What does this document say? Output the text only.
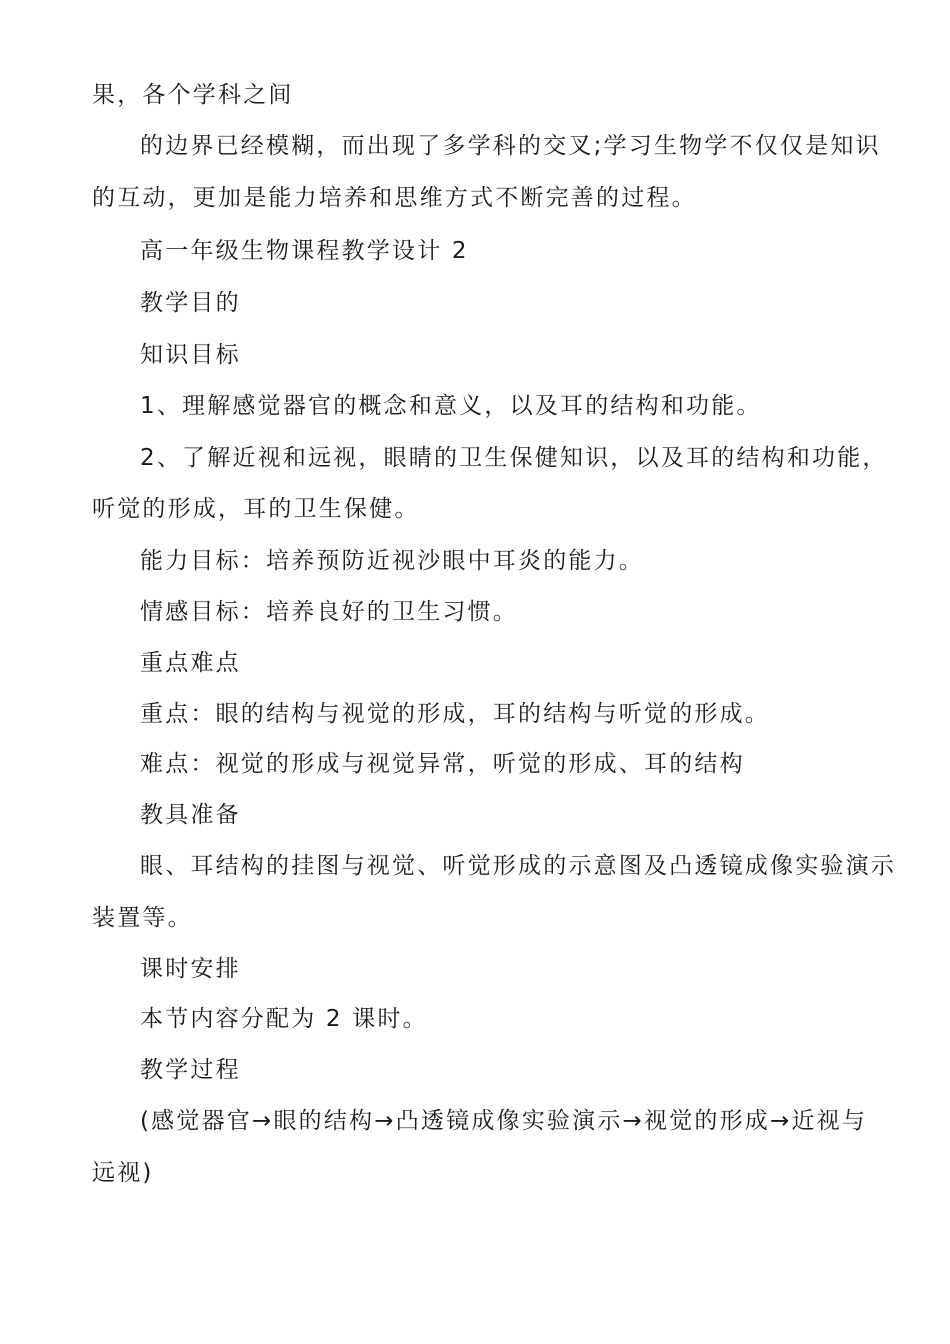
果，各个学科之间
的边界已经模糊，而出现了多学科的交叉;学习生物学不仅仅是知识
的互动，更加是能力培养和思维方式不断完善的过程。
高一年级生物课程教学设计 2
教学目的
知识目标
1、理解感觉器官的概念和意义，以及耳的结构和功能。
2、了解近视和远视，眼睛的卫生保健知识，以及耳的结构和功能，
听觉的形成，耳的卫生保健。
能力目标：培养预防近视沙眼中耳炎的能力。
情感目标：培养良好的卫生习惯。
重点难点
重点：眼的结构与视觉的形成，耳的结构与听觉的形成。
难点：视觉的形成与视觉异常，听觉的形成、耳的结构
教具准备
眼、耳结构的挂图与视觉、听觉形成的示意图及凸透镜成像实验演示
装置等。
课时安排
本节内容分配为 2 课时。
教学过程
(感觉器官→眼的结构→凸透镜成像实验演示→视觉的形成→近视与
远视)
